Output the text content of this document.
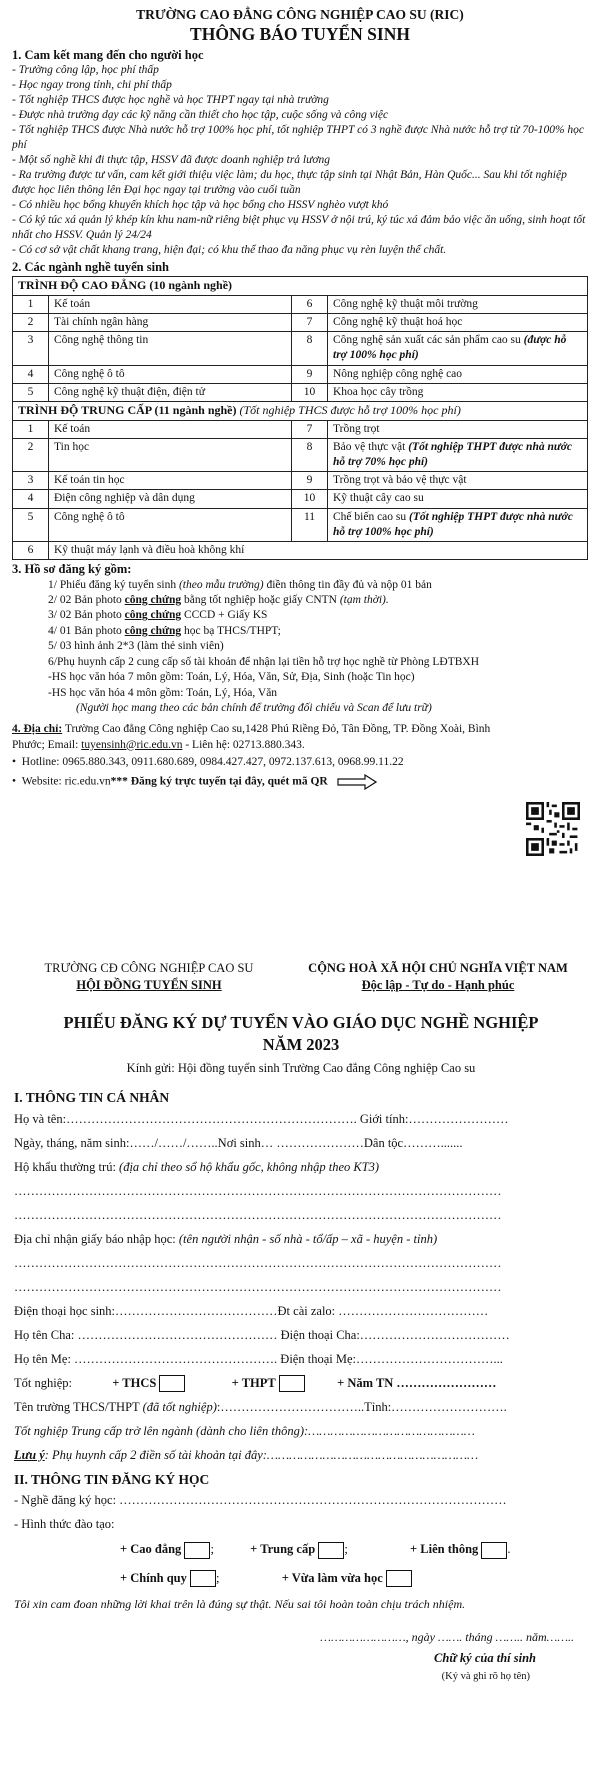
TRƯỜNG CAO ĐẲNG CÔNG NGHIỆP CAO SU (RIC)
THÔNG BÁO TUYỂN SINH
1. Cam kết mang đến cho người học
- Trường công lập, học phí thấp
- Học ngay trong tỉnh, chi phí thấp
- Tốt nghiệp THCS được học nghề và học THPT ngay tại nhà trường
- Được nhà trường dạy các kỹ năng cần thiết cho học tập, cuộc sống và công việc
- Tốt nghiệp THCS được Nhà nước hỗ trợ 100% học phí, tốt nghiệp THPT có 3 nghề được Nhà nước hỗ trợ từ 70-100% học phí
- Một số nghề khi đi thực tập, HSSV đã được doanh nghiệp trả lương
- Ra trường được tư vấn, cam kết giới thiệu việc làm; du học, thực tập sinh tại Nhật Bản, Hàn Quốc... Sau khi tốt nghiệp được học liên thông lên Đại học ngay tại trường vào cuối tuần
- Có nhiều học bổng khuyến khích học tập và học bổng cho HSSV nghèo vượt khó
- Có ký túc xá quản lý khép kín khu nam-nữ riêng biệt phục vụ HSSV ở nội trú, ký túc xá đảm bảo việc ăn uống, sinh hoạt tốt nhất cho HSSV. Quản lý 24/24
- Có cơ sở vật chất khang trang, hiện đại; có khu thể thao đa năng phục vụ rèn luyện thể chất.
2. Các ngành nghề tuyển sinh
TRÌNH ĐỘ CAO ĐẲNG (10 ngành nghề)			
1	Kế toán	6	Công nghệ kỹ thuật môi trường
2	Tài chính ngân hàng	7	Công nghệ kỹ thuật hoá học
3	Công nghệ thông tin	8	Công nghệ sản xuất các sản phẩm cao su (được hỗ trợ 100% học phí)
4	Công nghệ ô tô	9	Nông nghiệp công nghệ cao
5	Công nghệ kỹ thuật điện, điện tử	10	Khoa học cây trồng
TRÌNH ĐỘ TRUNG CẤP (11 ngành nghề) (Tốt nghiệp THCS được hỗ trợ 100% học phí)			
1	Kế toán	7	Trồng trọt
2	Tin học	8	Bảo vệ thực vật (Tốt nghiệp THPT được nhà nước hỗ trợ 70% học phí)
3	Kế toán tin học	9	Trồng trọt và bảo vệ thực vật
4	Điện công nghiệp và dân dụng	10	Kỹ thuật cây cao su
5	Công nghệ ô tô	11	Chế biến cao su (Tốt nghiệp THPT được nhà nước hỗ trợ 100% học phí)
6	Kỹ thuật máy lạnh và điều hoà không khí		
3. Hồ sơ đăng ký gồm:
1/ Phiếu đăng ký tuyển sinh (theo mẫu trường) điền thông tin đầy đủ và nộp 01 bản
2/ 02 Bản photo công chứng bằng tốt nghiệp hoặc giấy CNTN (tạm thời).
3/ 02 Bản photo công chứng CCCD + Giấy KS
4/ 01 Bản photo công chứng học bạ THCS/THPT;
5/ 03 hình ảnh 2*3 (làm thẻ sinh viên)
6/Phụ huynh cấp 2 cung cấp số tài khoản để nhận lại tiền hỗ trợ học nghề từ Phòng LĐTBXH
-HS học văn hóa 7 môn gồm: Toán, Lý, Hóa, Văn, Sử, Địa, Sinh (hoặc Tin học)
-HS học văn hóa 4 môn gồm: Toán, Lý, Hóa, Văn
(Người học mang theo các bản chính để trường đối chiếu và Scan để lưu trữ)
4. Địa chỉ: Trường Cao đẳng Công nghiệp Cao su,1428 Phú Riềng Đỏ, Tân Đồng, TP. Đồng Xoài, Bình Phước; Email: tuyensinh@ric.edu.vn - Liên hệ: 02713.880.343.
•  Hotline: 0965.880.343, 0911.680.689, 0984.427.427, 0972.137.613, 0968.99.11.22
•  Website: ric.edu.vn*** Đăng ký trực tuyến tại đây, quét mã QR
TRƯỜNG CĐ CÔNG NGHIỆP CAO SU
HỘI ĐỒNG TUYỂN SINH
CỘNG HOÀ XÃ HỘI CHỦ NGHĨA VIỆT NAM
Độc lập - Tự do - Hạnh phúc
PHIẾU ĐĂNG KÝ DỰ TUYỂN VÀO GIÁO DỤC NGHỀ NGHIỆP
NĂM 2023
Kính gửi: Hội đồng tuyển sinh Trường Cao đẳng Công nghiệp Cao su
I. THÔNG TIN CÁ NHÂN
Họ và tên:……………………………………………………………. Giới tính:……………………
Ngày, tháng, năm sinh:……/……/……..Nơi sinh… …………………Dân tộc……….......
Hộ khẩu thường trú: (địa chỉ theo sổ hộ khẩu gốc, không nhập theo KT3)
………………………………………………………………………………………………………
………………………………………………………………………………………………………
Địa chỉ nhận giấy báo nhập học: (tên người nhận - số nhà - tổ/ấp – xã - huyện - tỉnh)
………………………………………………………………………………………………………
………………………………………………………………………………………………………
Điện thoại học sinh:…………………………………Đt cài zalo: ………………………………
Họ tên Cha: ………………………………………… Điện thoại Cha:………………………………
Họ tên Mẹ: …………………………………………. Điện thoại Mẹ:……………………………...
Tốt nghiệp:	+ THCS	+ THPT	+ Năm TN ……………………
Tên trường THCS/THPT (đã tốt nghiệp):……………………………..Tỉnh:……………………….
Tốt nghiệp Trung cấp trở lên ngành (dành cho liên thông):………………………………………
Lưu ý: Phụ huynh cấp 2 điền số tài khoản tại đây:…………………………………………………
II. THÔNG TIN ĐĂNG KÝ HỌC
- Nghề đăng ký học: …………………………………………………………………………………
- Hình thức đào tạo:
+ Cao đẳng ;	+ Trung cấp ;	+ Liên thông .
+ Chính quy ;	+ Vừa làm vừa học
Tôi xin cam đoan những lời khai trên là đúng sự thật. Nếu sai tôi hoàn toàn chịu trách nhiệm.
……………………, ngày ……. tháng …….. năm……..
Chữ ký của thí sinh
(Ký và ghi rõ họ tên)
